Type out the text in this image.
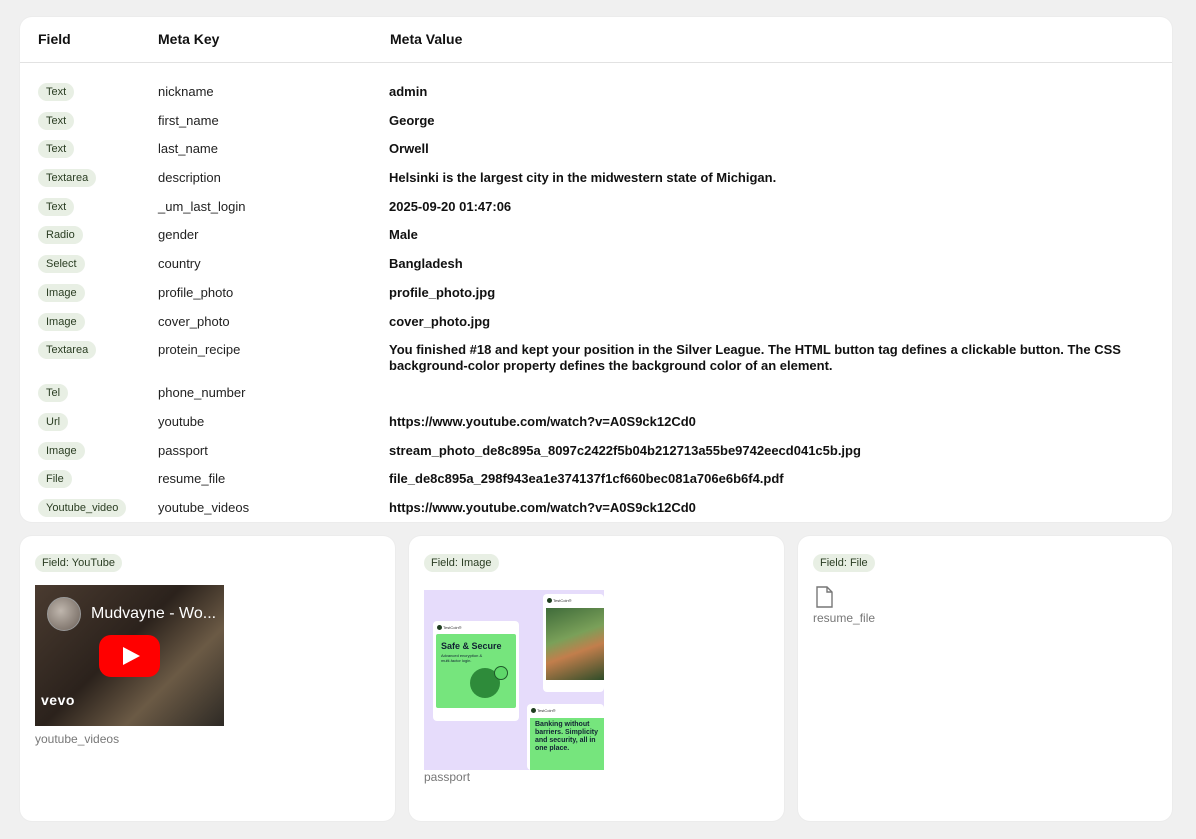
Field	Meta Key	Meta Value
Text	nickname	admin
Text	first_name	George
Text	last_name	Orwell
Textarea	description	Helsinki is the largest city in the midwestern state of Michigan.
Text	_um_last_login	2025-09-20 01:47:06
Radio	gender	Male
Select	country	Bangladesh
Image	profile_photo	profile_photo.jpg
Image	cover_photo	cover_photo.jpg
Textarea	protein_recipe	You finished #18 and kept your position in the Silver League. The HTML button tag defines a clickable button. The CSS background-color property defines the background color of an element.
Tel	phone_number
Url	youtube	https://www.youtube.com/watch?v=A0S9ck12Cd0
Image	passport	stream_photo_de8c895a_8097c2422f5b04b212713a55be9742eecd041c5b.jpg
File	resume_file	file_de8c895a_298f943ea1e374137f1cf660bec081a706e6b6f4.pdf
Youtube_video	youtube_videos	https://www.youtube.com/watch?v=A0S9ck12Cd0
Field: YouTube
Mudvayne - Wo...
vevo
youtube_videos
Field: Image
TestCoin®
Safe & Secure
Advanced encryption & multi-factor login.
TestCoin®
TestCoin®
Banking without barriers. Simplicity and security, all in one place.
passport
Field: File
resume_file
